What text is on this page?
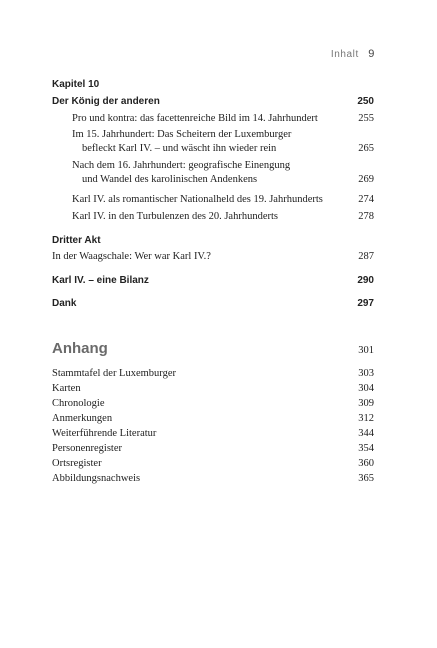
Inhalt 9
Kapitel 10
Der König der anderen	250
Pro und kontra: das facettenreiche Bild im 14. Jahrhundert	255
Im 15. Jahrhundert: Das Scheitern der Luxemburger
befleckt Karl IV. – und wäscht ihn wieder rein	265
Nach dem 16. Jahrhundert: geografische Einengung
und Wandel des karolinischen Andenkens	269
Karl IV. als romantischer Nationalheld des 19. Jahrhunderts	274
Karl IV. in den Turbulenzen des 20. Jahrhunderts	278
Dritter Akt
In der Waagschale: Wer war Karl IV.?	287
Karl IV. – eine Bilanz	290
Dank	297
Anhang	301
Stammtafel der Luxemburger	303
Karten	304
Chronologie	309
Anmerkungen	312
Weiterführende Literatur	344
Personenregister	354
Ortsregister	360
Abbildungsnachweis	365
